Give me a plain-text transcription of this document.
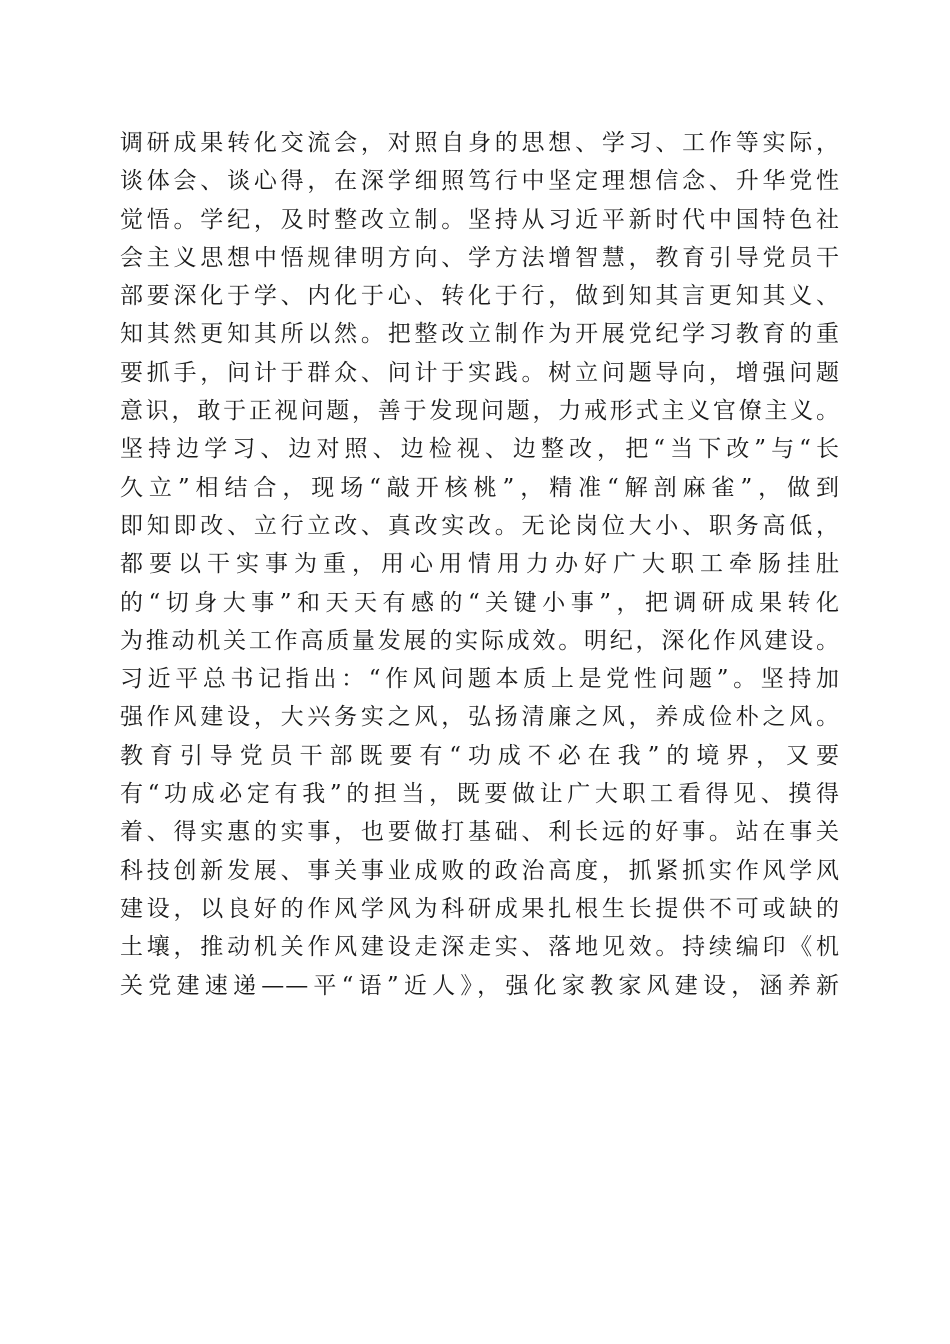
调研成果转化交流会，对照自身的思想、学习、工作等实际，
谈体会、谈心得，在深学细照笃行中坚定理想信念、升华党性
觉悟。学纪，及时整改立制。坚持从习近平新时代中国特色社
会主义思想中悟规律明方向、学方法增智慧，教育引导党员干
部要深化于学、内化于心、转化于行，做到知其言更知其义、
知其然更知其所以然。把整改立制作为开展党纪学习教育的重
要抓手，问计于群众、问计于实践。树立问题导向，增强问题
意识，敢于正视问题，善于发现问题，力戒形式主义官僚主义。
坚持边学习、边对照、边检视、边整改，把“当下改”与“长
久立”相结合，现场“敲开核桃”，精准“解剖麻雀”，做到
即知即改、立行立改、真改实改。无论岗位大小、职务高低，
都要以干实事为重，用心用情用力办好广大职工牵肠挂肚
的“切身大事”和天天有感的“关键小事”，把调研成果转化
为推动机关工作高质量发展的实际成效。明纪，深化作风建设。
习近平总书记指出：“作风问题本质上是党性问题”。坚持加
强作风建设，大兴务实之风，弘扬清廉之风，养成俭朴之风。
教育引导党员干部既要有“功成不必在我”的境界，又要
有“功成必定有我”的担当，既要做让广大职工看得见、摸得
着、得实惠的实事，也要做打基础、利长远的好事。站在事关
科技创新发展、事关事业成败的政治高度，抓紧抓实作风学风
建设，以良好的作风学风为科研成果扎根生长提供不可或缺的
土壤，推动机关作风建设走深走实、落地见效。持续编印《机
关党建速递——平“语”近人》，强化家教家风建设，涵养新
